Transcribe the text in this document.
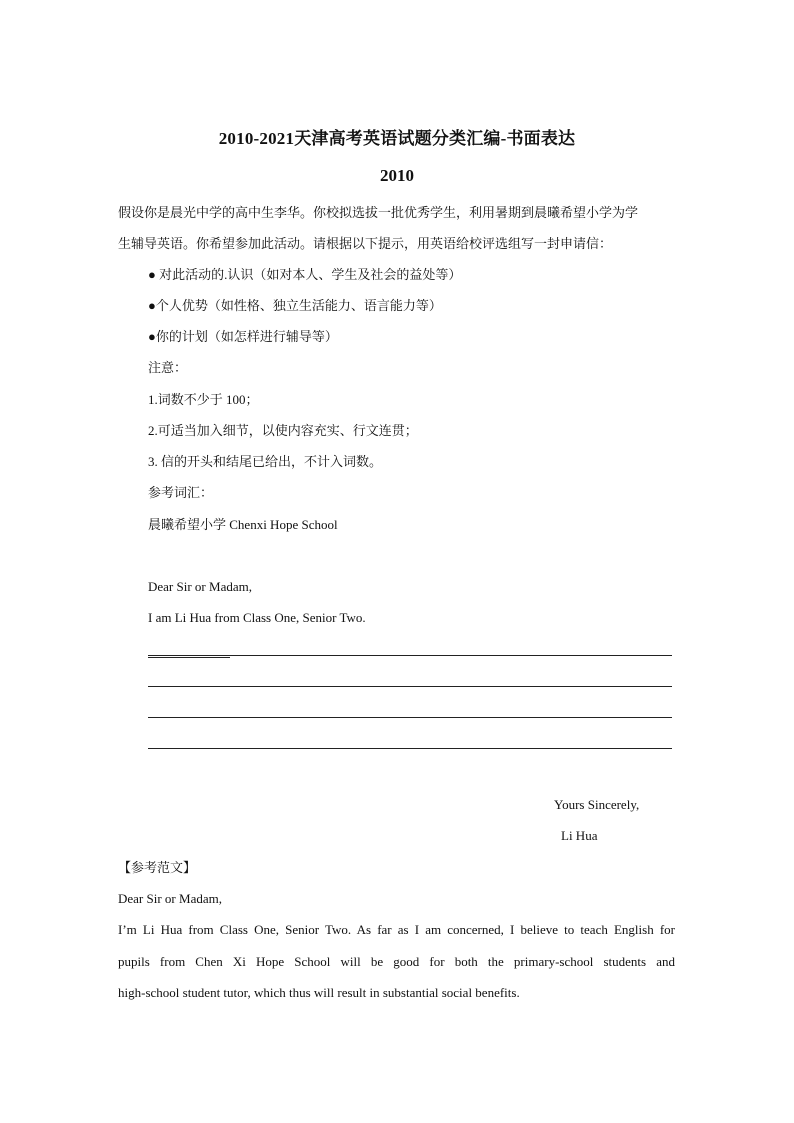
2010-2021天津高考英语试题分类汇编-书面表达
2010
假设你是晨光中学的高中生李华。你校拟选拔一批优秀学生，利用暑期到晨曦希望小学为学
生辅导英语。你希望参加此活动。请根据以下提示，用英语给校评选组写一封申请信：
● 对此活动的.认识（如对本人、学生及社会的益处等）
●个人优势（如性格、独立生活能力、语言能力等）
●你的计划（如怎样进行辅导等）
注意：
1.词数不少于 100；
2.可适当加入细节，以使内容充实、行文连贯；
3. 信的开头和结尾已给出，不计入词数。
参考词汇：
晨曦希望小学 Chenxi Hope School
Dear Sir or Madam,
I am Li Hua from Class One, Senior Two.
Yours Sincerely,
Li Hua
【参考范文】
Dear Sir or Madam,
I’m Li Hua from Class One, Senior Two. As far as I am concerned, I believe to teach English for
pupils from Chen Xi Hope School will be good for both the primary-school students and
high-school student tutor, which thus will result in substantial social benefits.
